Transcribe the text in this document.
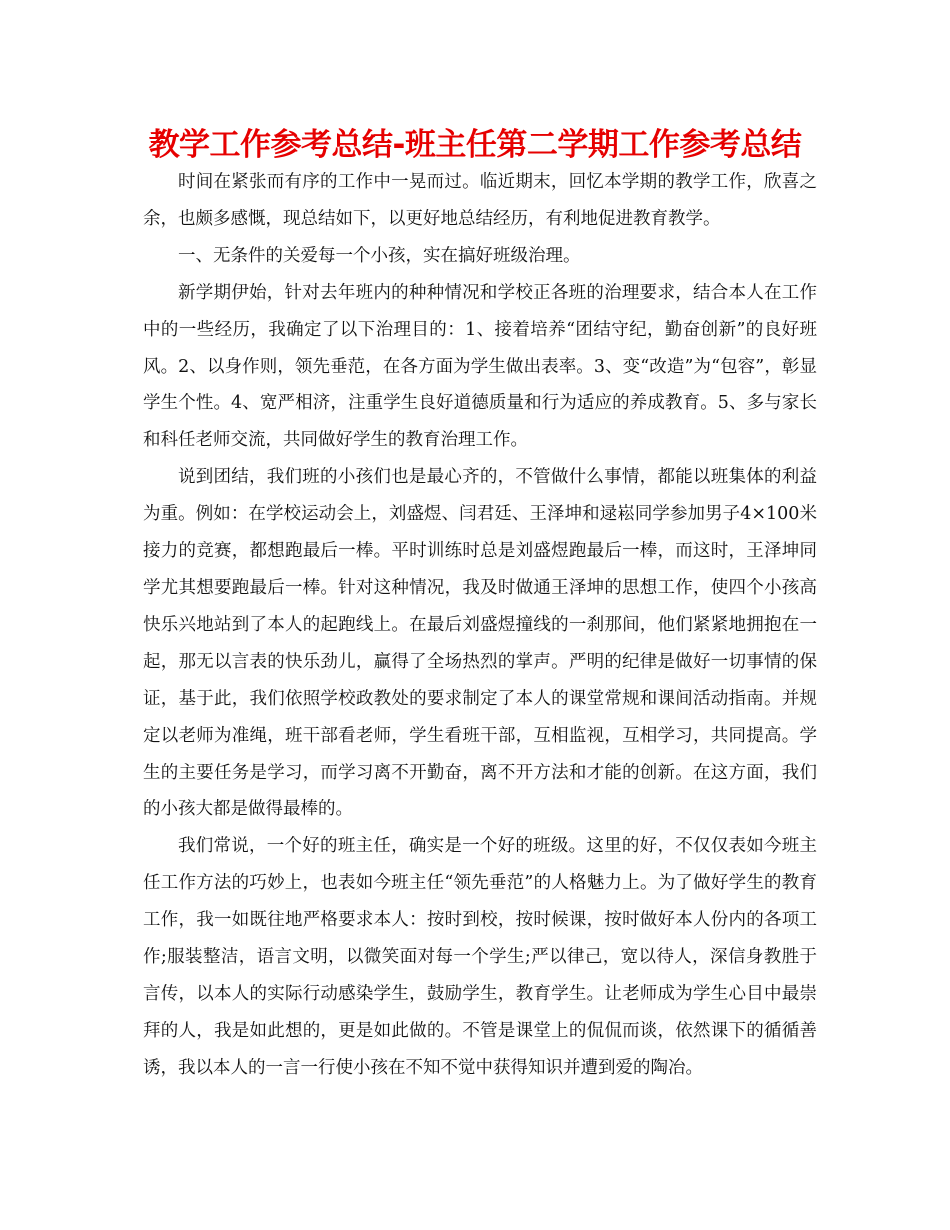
教学工作参考总结-班主任第二学期工作参考总结

时间在紧张而有序的工作中一晃而过。临近期末，回忆本学期的教学工作，欣喜之余，也颇多感慨，现总结如下，以更好地总结经历，有利地促进教育教学。

一、无条件的关爱每一个小孩，实在搞好班级治理。

新学期伊始，针对去年班内的种种情况和学校正各班的治理要求，结合本人在工作中的一些经历，我确定了以下治理目的：1、接着培养“团结守纪，勤奋创新”的良好班风。2、以身作则，领先垂范，在各方面为学生做出表率。3、变“改造”为“包容”，彰显学生个性。4、宽严相济，注重学生良好道德质量和行为适应的养成教育。5、多与家长和科任老师交流，共同做好学生的教育治理工作。

说到团结，我们班的小孩们也是最心齐的，不管做什么事情，都能以班集体的利益为重。例如：在学校运动会上，刘盛煜、闫君廷、王泽坤和逯崧同学参加男子4×100米接力的竞赛，都想跑最后一棒。平时训练时总是刘盛煜跑最后一棒，而这时，王泽坤同学尤其想要跑最后一棒。针对这种情况，我及时做通王泽坤的思想工作，使四个小孩高快乐兴地站到了本人的起跑线上。在最后刘盛煜撞线的一刹那间，他们紧紧地拥抱在一起，那无以言表的快乐劲儿，赢得了全场热烈的掌声。严明的纪律是做好一切事情的保证，基于此，我们依照学校政教处的要求制定了本人的课堂常规和课间活动指南。并规定以老师为准绳，班干部看老师，学生看班干部，互相监视，互相学习，共同提高。学生的主要任务是学习，而学习离不开勤奋，离不开方法和才能的创新。在这方面，我们的小孩大都是做得最棒的。

我们常说，一个好的班主任，确实是一个好的班级。这里的好，不仅仅表如今班主任工作方法的巧妙上，也表如今班主任“领先垂范”的人格魅力上。为了做好学生的教育工作，我一如既往地严格要求本人：按时到校，按时候课，按时做好本人份内的各项工作;服装整洁，语言文明，以微笑面对每一个学生;严以律己，宽以待人，深信身教胜于言传，以本人的实际行动感染学生，鼓励学生，教育学生。让老师成为学生心目中最崇拜的人，我是如此想的，更是如此做的。不管是课堂上的侃侃而谈，依然课下的循循善诱，我以本人的一言一行使小孩在不知不觉中获得知识并遭到爱的陶冶。
